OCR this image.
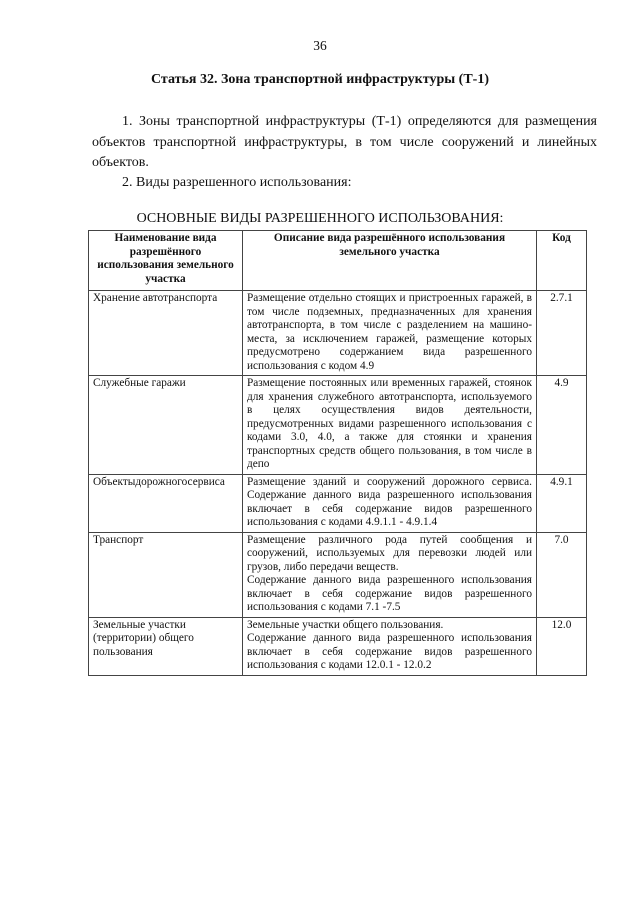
36
Статья 32. Зона транспортной инфраструктуры (Т-1)
1. Зоны транспортной инфраструктуры (Т-1) определяются для размещения объектов транспортной инфраструктуры, в том числе сооружений и линейных объектов.
2. Виды разрешенного использования:
ОСНОВНЫЕ ВИДЫ РАЗРЕШЕННОГО ИСПОЛЬЗОВАНИЯ:
Наименование вида разрешённого использования земельного участка	Описание вида разрешённого использования земельного участка	Код
Хранение автотранспорта	Размещение отдельно стоящих и пристроенных гаражей, в том числе подземных, предназначенных для хранения автотранспорта, в том числе с разделением на машино-места, за исключением гаражей, размещение которых предусмотрено содержанием вида разрешенного использования с кодом 4.9	2.7.1
Служебные гаражи	Размещение постоянных или временных гаражей, стоянок для хранения служебного автотранспорта, используемого в целях осуществления видов деятельности, предусмотренных видами разрешенного использования с кодами 3.0, 4.0, а также для стоянки и хранения транспортных средств общего пользования, в том числе в депо	4.9
Объектыдорожногосервиса	Размещение зданий и сооружений дорожного сервиса. Содержание данного вида разрешенного использования включает в себя содержание видов разрешенного использования с кодами 4.9.1.1 - 4.9.1.4	4.9.1
Транспорт	Размещение различного рода путей сообщения и сооружений, используемых для перевозки людей или грузов, либо передачи веществ.

Содержание данного вида разрешенного использования включает в себя содержание видов разрешенного использования с кодами 7.1 -7.5	7.0
Земельные участки (территории) общего пользования	Земельные участки общего пользования.

Содержание данного вида разрешенного использования включает в себя содержание видов разрешенного использования с кодами 12.0.1 - 12.0.2	12.0
